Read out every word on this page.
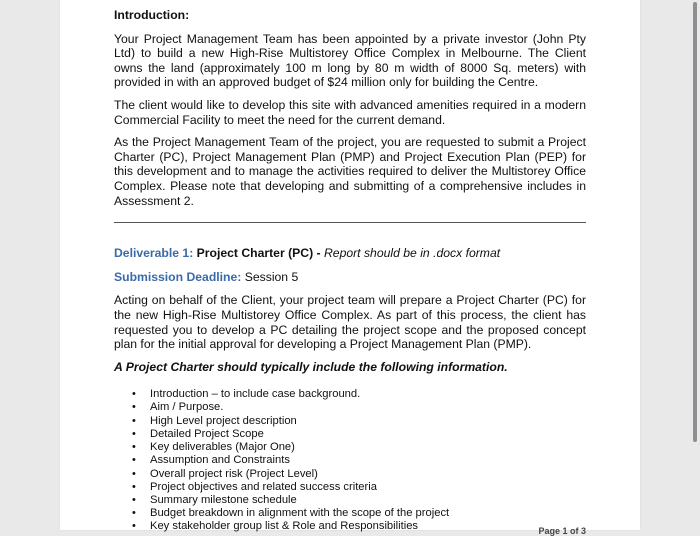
Introduction:

Your Project Management Team has been appointed by a private investor (John Pty Ltd) to build a new High-Rise Multistorey Office Complex in Melbourne. The Client owns the land (approximately 100 m long by 80 m width of 8000 Sq. meters) with provided in with an approved budget of $24 million only for building the Centre.

The client would like to develop this site with advanced amenities required in a modern Commercial Facility to meet the need for the current demand.

As the Project Management Team of the project, you are requested to submit a Project Charter (PC), Project Management Plan (PMP) and Project Execution Plan (PEP) for this development and to manage the activities required to deliver the Multistorey Office Complex. Please note that developing and submitting of a comprehensive includes in Assessment 2.

Deliverable 1: Project Charter (PC) - Report should be in .docx format
Submission Deadline: Session 5

Acting on behalf of the Client, your project team will prepare a Project Charter (PC) for the new High-Rise Multistorey Office Complex. As part of this process, the client has requested you to develop a PC detailing the project scope and the proposed concept plan for the initial approval for developing a Project Management Plan (PMP).

A Project Charter should typically include the following information.
• Introduction – to include case background.
• Aim / Purpose.
• High Level project description
• Detailed Project Scope
• Key deliverables (Major One)
• Assumption and Constraints
• Overall project risk (Project Level)
• Project objectives and related success criteria
• Summary milestone schedule
• Budget breakdown in alignment with the scope of the project
• Key stakeholder group list & Role and Responsibilities	Page 1 of 3
